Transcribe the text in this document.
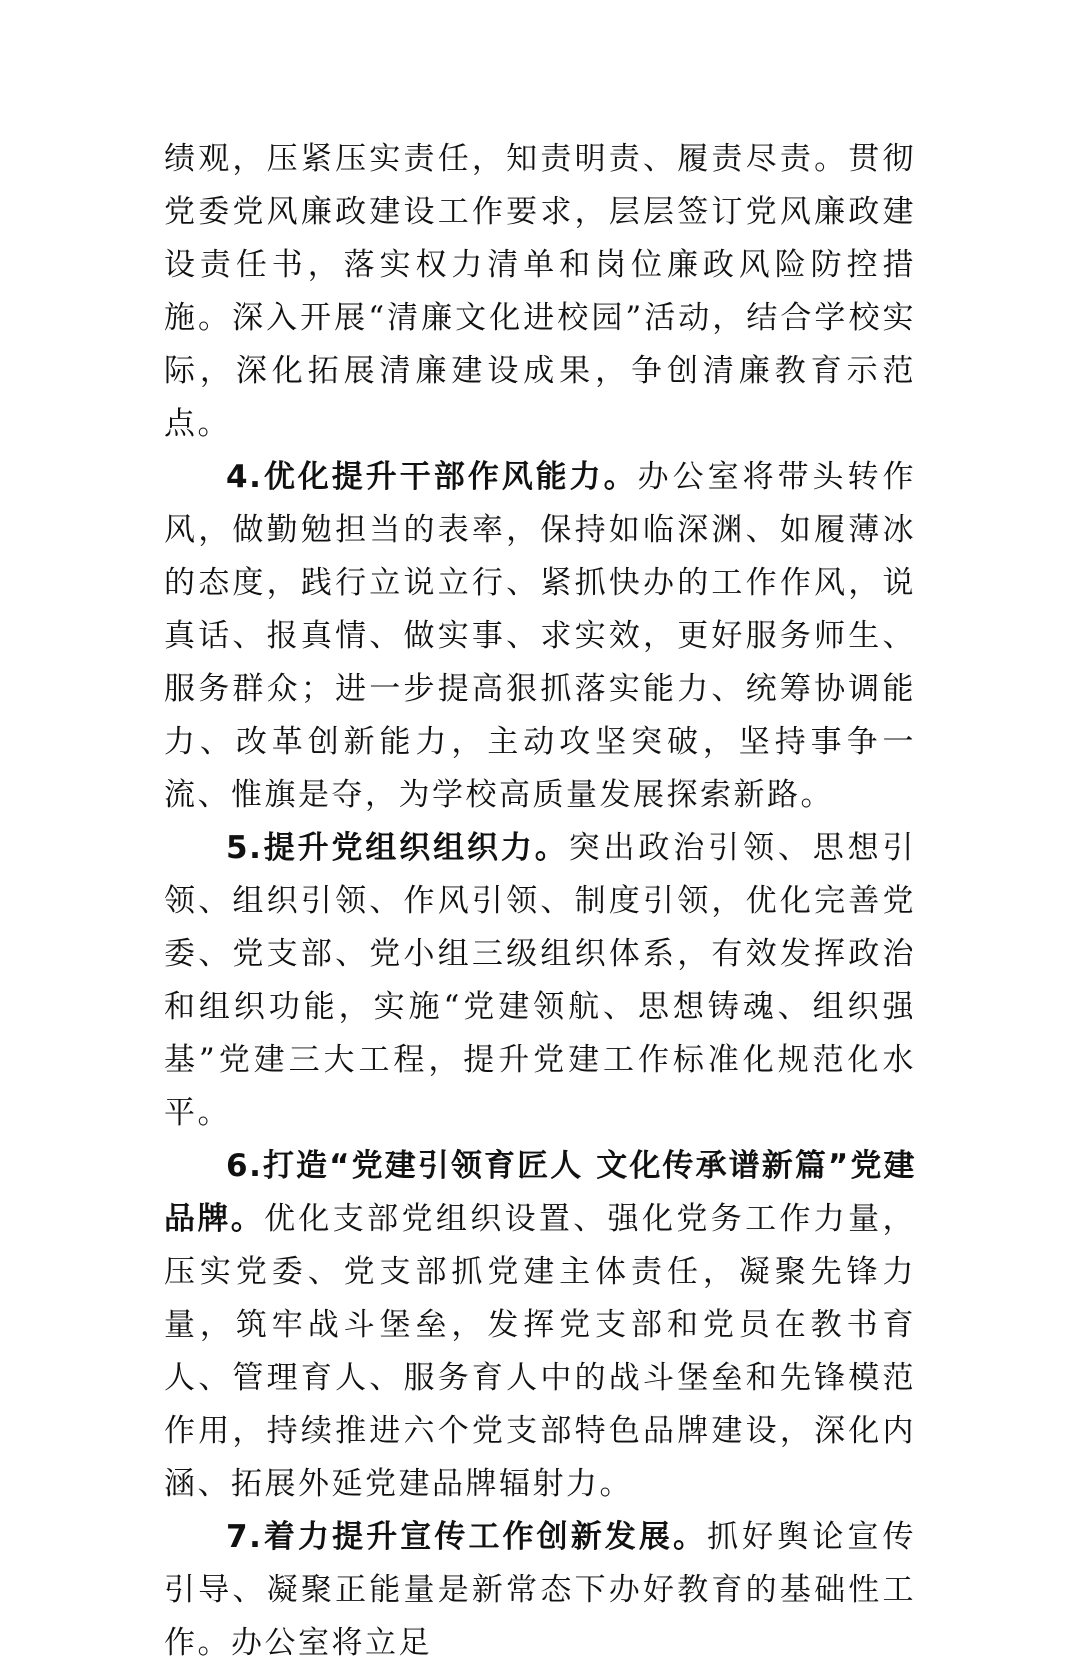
绩观，压紧压实责任，知责明责、履责尽责。贯彻党委党风廉政建设工作要求，层层签订党风廉政建设责任书，落实权力清单和岗位廉政风险防控措施。深入开展“清廉文化进校园”活动，结合学校实际，深化拓展清廉建设成果，争创清廉教育示范点。

4.优化提升干部作风能力。办公室将带头转作风，做勤勉担当的表率，保持如临深渊、如履薄冰的态度，践行立说立行、紧抓快办的工作作风，说真话、报真情、做实事、求实效，更好服务师生、服务群众；进一步提高狠抓落实能力、统筹协调能力、改革创新能力，主动攻坚突破，坚持事争一流、惟旗是夺，为学校高质量发展探索新路。

5.提升党组织组织力。突出政治引领、思想引领、组织引领、作风引领、制度引领，优化完善党委、党支部、党小组三级组织体系，有效发挥政治和组织功能，实施“党建领航、思想铸魂、组织强基”党建三大工程，提升党建工作标准化规范化水平。

6.打造“党建引领育匠人 文化传承谱新篇”党建品牌。优化支部党组织设置、强化党务工作力量，压实党委、党支部抓党建主体责任，凝聚先锋力量，筑牢战斗堡垒，发挥党支部和党员在教书育人、管理育人、服务育人中的战斗堡垒和先锋模范作用，持续推进六个党支部特色品牌建设，深化内涵、拓展外延党建品牌辐射力。

7.着力提升宣传工作创新发展。抓好舆论宣传引导、凝聚正能量是新常态下办好教育的基础性工作。办公室将立足
